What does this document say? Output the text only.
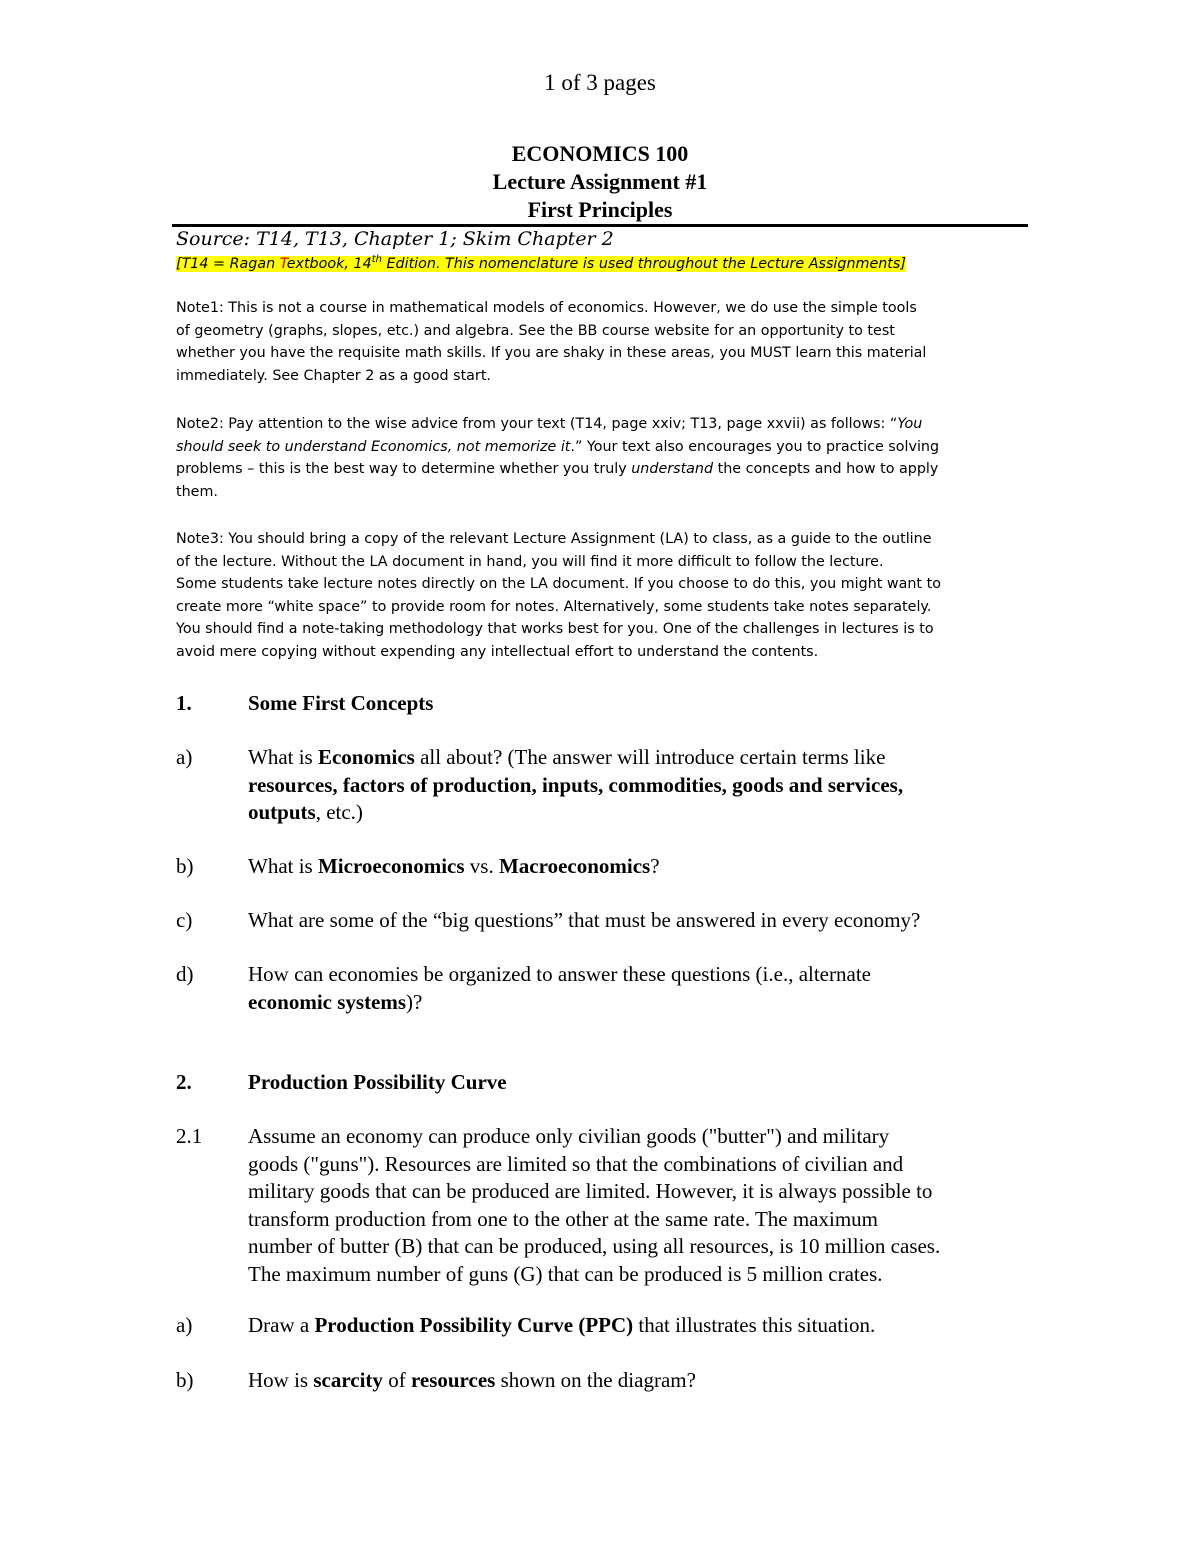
1 of 3 pages
ECONOMICS 100
Lecture Assignment #1
First Principles
Source: T14, T13, Chapter 1; Skim Chapter 2
[T14 = Ragan Textbook, 14th Edition. This nomenclature is used throughout the Lecture Assignments]
Note1: This is not a course in mathematical models of economics. However, we do use the simple tools
of geometry (graphs, slopes, etc.) and algebra. See the BB course website for an opportunity to test
whether you have the requisite math skills. If you are shaky in these areas, you MUST learn this material
immediately. See Chapter 2 as a good start.
Note2: Pay attention to the wise advice from your text (T14, page xxiv; T13, page xxvii) as follows: “You
should seek to understand Economics, not memorize it.” Your text also encourages you to practice solving
problems – this is the best way to determine whether you truly understand the concepts and how to apply
them.
Note3: You should bring a copy of the relevant Lecture Assignment (LA) to class, as a guide to the outline
of the lecture. Without the LA document in hand, you will find it more difficult to follow the lecture.
Some students take lecture notes directly on the LA document. If you choose to do this, you might want to
create more “white space” to provide room for notes. Alternatively, some students take notes separately.
You should find a note-taking methodology that works best for you. One of the challenges in lectures is to
avoid mere copying without expending any intellectual effort to understand the contents.
1.	Some First Concepts
a)	What is Economics all about? (The answer will introduce certain terms like
resources, factors of production, inputs, commodities, goods and services,
outputs, etc.)
b)	What is Microeconomics vs. Macroeconomics?
c)	What are some of the “big questions” that must be answered in every economy?
d)	How can economies be organized to answer these questions (i.e., alternate
economic systems)?
2.	Production Possibility Curve
2.1 Assume an economy can produce only civilian goods ("butter") and military
goods ("guns"). Resources are limited so that the combinations of civilian and
military goods that can be produced are limited. However, it is always possible to
transform production from one to the other at the same rate. The maximum
number of butter (B) that can be produced, using all resources, is 10 million cases.
The maximum number of guns (G) that can be produced is 5 million crates.
a)	Draw a Production Possibility Curve (PPC) that illustrates this situation.
b)	How is scarcity of resources shown on the diagram?
